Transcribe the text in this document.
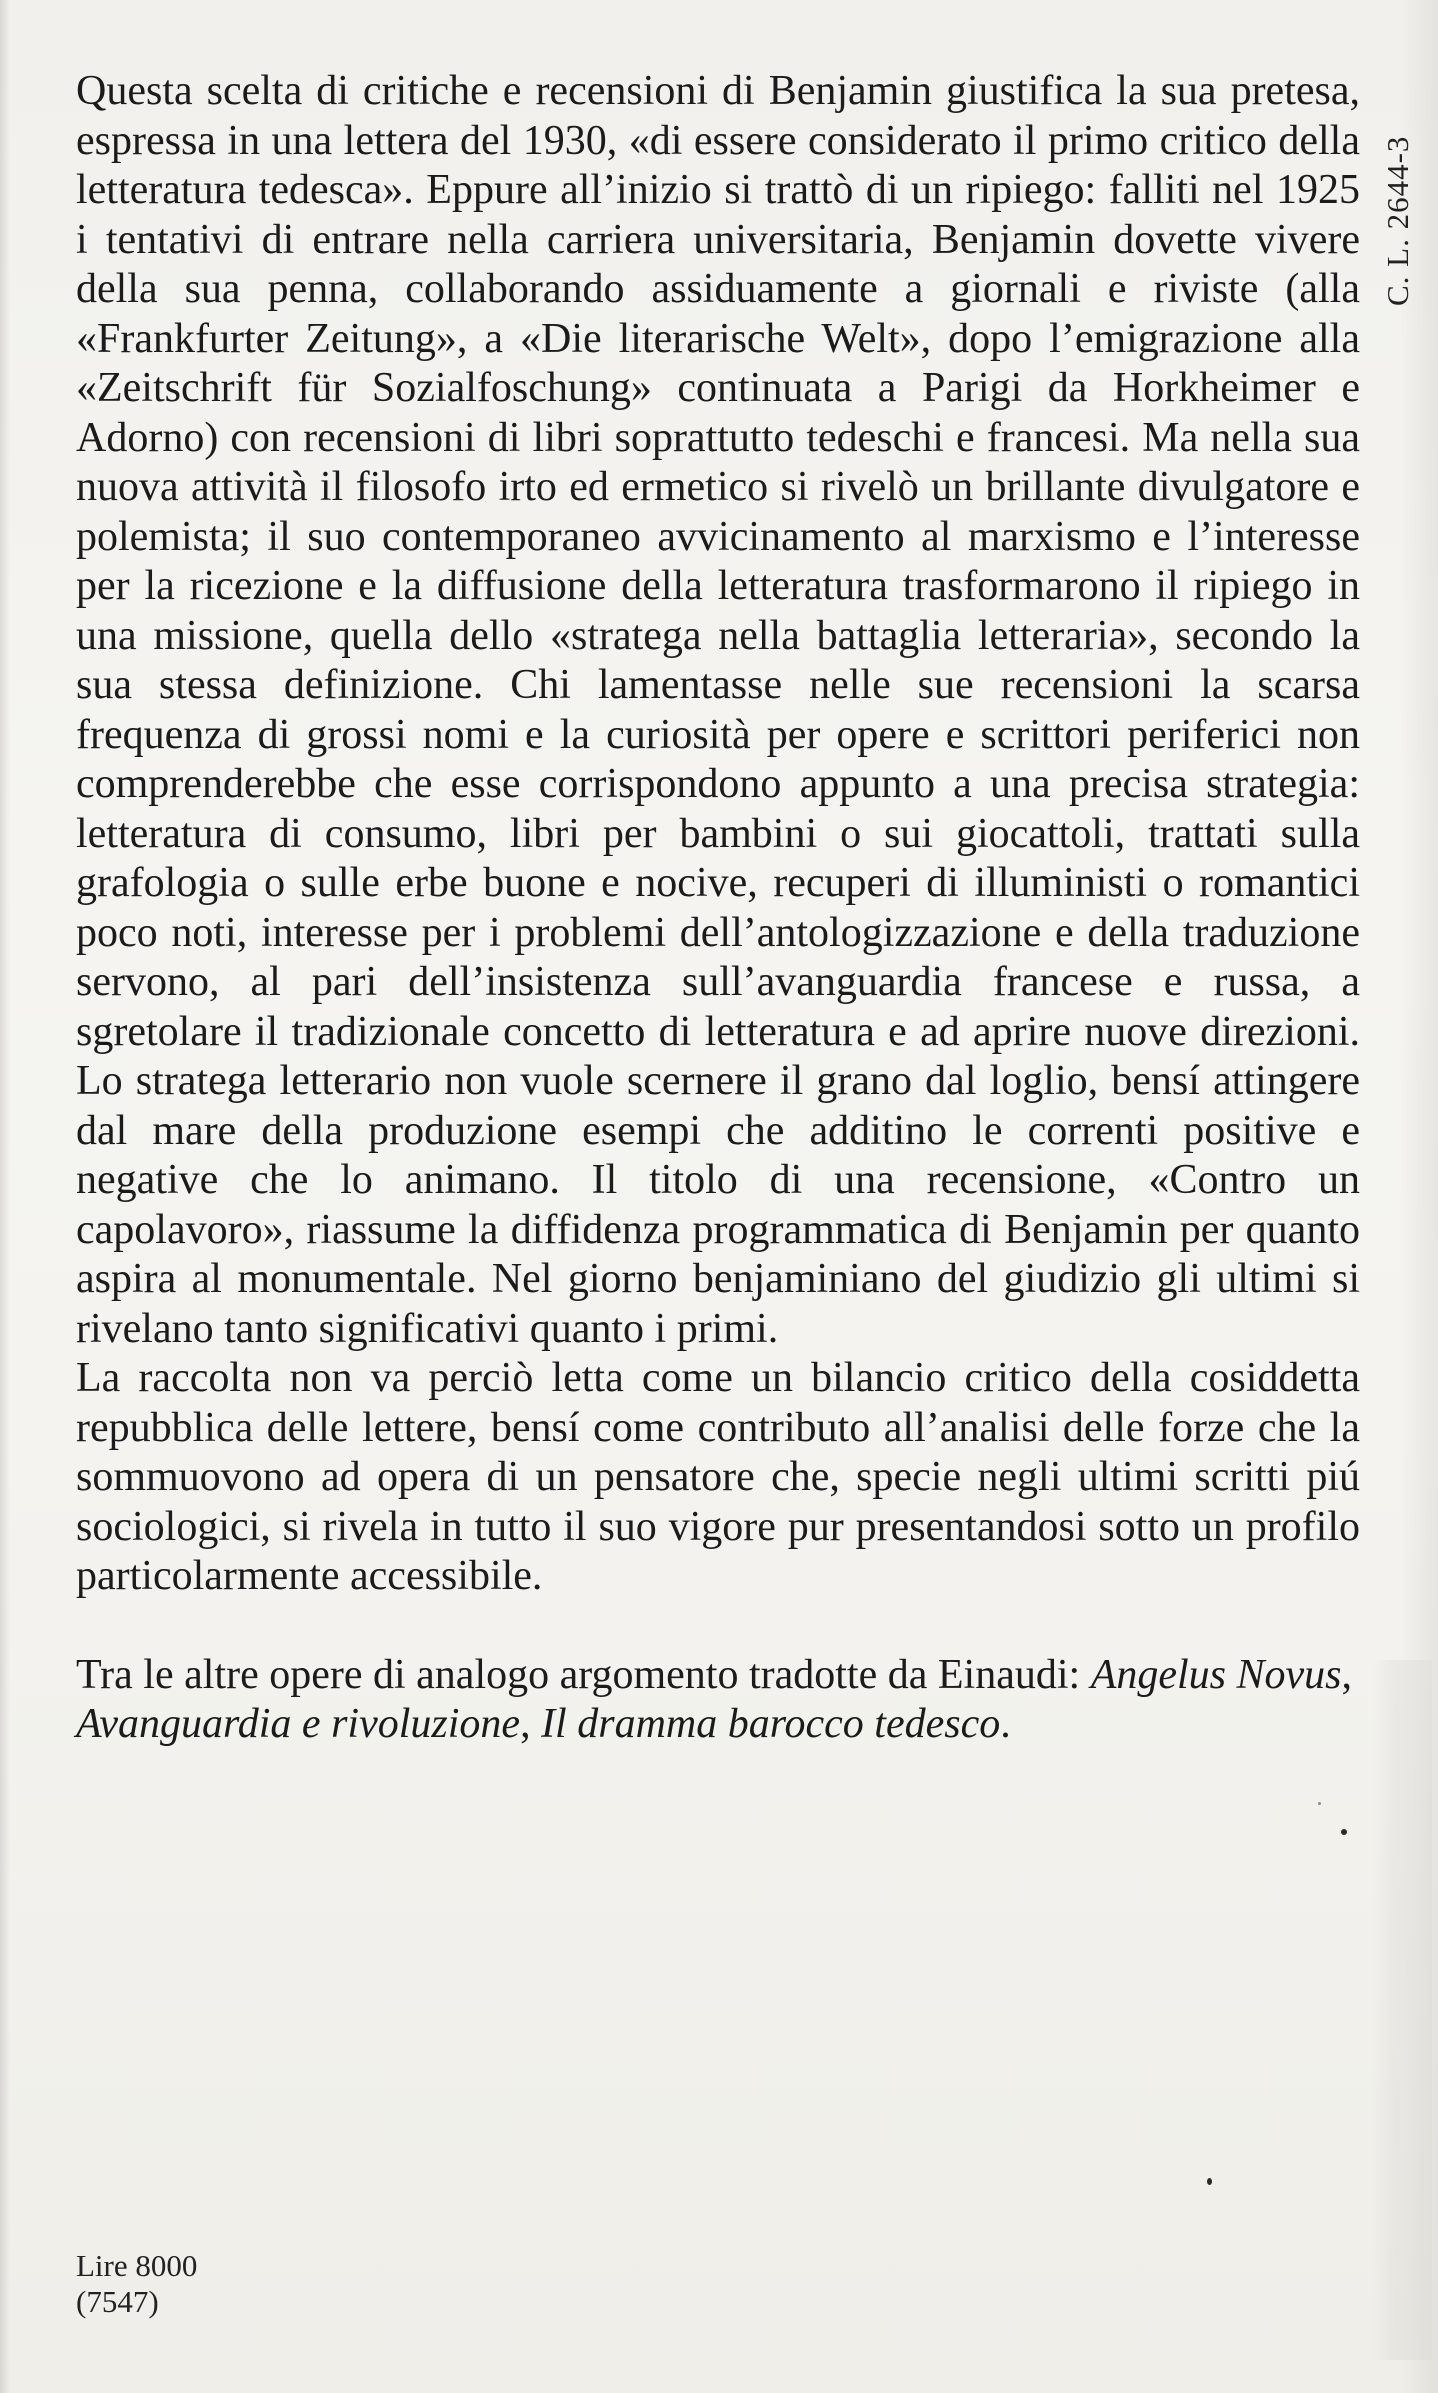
C. L. 2644-3

Questa scelta di critiche e recensioni di Benjamin giustifica la sua pretesa, espressa in una lettera del 1930, «di essere considerato il primo critico della letteratura tedesca». Eppure all’inizio si trattò di un ripiego: falliti nel 1925 i tentativi di entrare nella carriera universitaria, Benjamin dovette vivere della sua penna, collaborando assiduamente a giornali e riviste (alla «Frankfurter Zeitung», a «Die literarische Welt», dopo l’emigrazione alla «Zeitschrift für Sozialfoschung» continuata a Parigi da Horkheimer e Adorno) con recensioni di libri soprattutto tedeschi e francesi. Ma nella sua nuova attività il filosofo irto ed ermetico si rivelò un brillante divulgatore e polemista; il suo contemporaneo avvicinamento al marxismo e l’interesse per la ricezione e la diffusione della letteratura trasformarono il ripiego in una missione, quella dello «stratega nella battaglia letteraria», secondo la sua stessa definizione. Chi lamentasse nelle sue recensioni la scarsa frequenza di grossi nomi e la curiosità per opere e scrittori periferici non comprenderebbe che esse corrispondono appunto a una precisa strategia: letteratura di consumo, libri per bambini o sui giocattoli, trattati sulla grafologia o sulle erbe buone e nocive, recuperi di illuministi o romantici poco noti, interesse per i problemi dell’antologizzazione e della traduzione servono, al pari dell’insistenza sull’avanguardia francese e russa, a sgretolare il tradizionale concetto di letteratura e ad aprire nuove direzioni. Lo stratega letterario non vuole scernere il grano dal loglio, bensí attingere dal mare della produzione esempi che additino le correnti positive e negative che lo animano. Il titolo di una recensione, «Contro un capolavoro», riassume la diffidenza programmatica di Benjamin per quanto aspira al monumentale. Nel giorno benjaminiano del giudizio gli ultimi si rivelano tanto significativi quanto i primi.

La raccolta non va perciò letta come un bilancio critico della cosiddetta repubblica delle lettere, bensí come contributo all’analisi delle forze che la sommuovono ad opera di un pensatore che, specie negli ultimi scritti piú sociologici, si rivela in tutto il suo vigore pur presentandosi sotto un profilo particolarmente accessibile.

Tra le altre opere di analogo argomento tradotte da Einaudi: Angelus Novus, Avanguardia e rivoluzione, Il dramma barocco tedesco.

Lire 8000
(7547)
